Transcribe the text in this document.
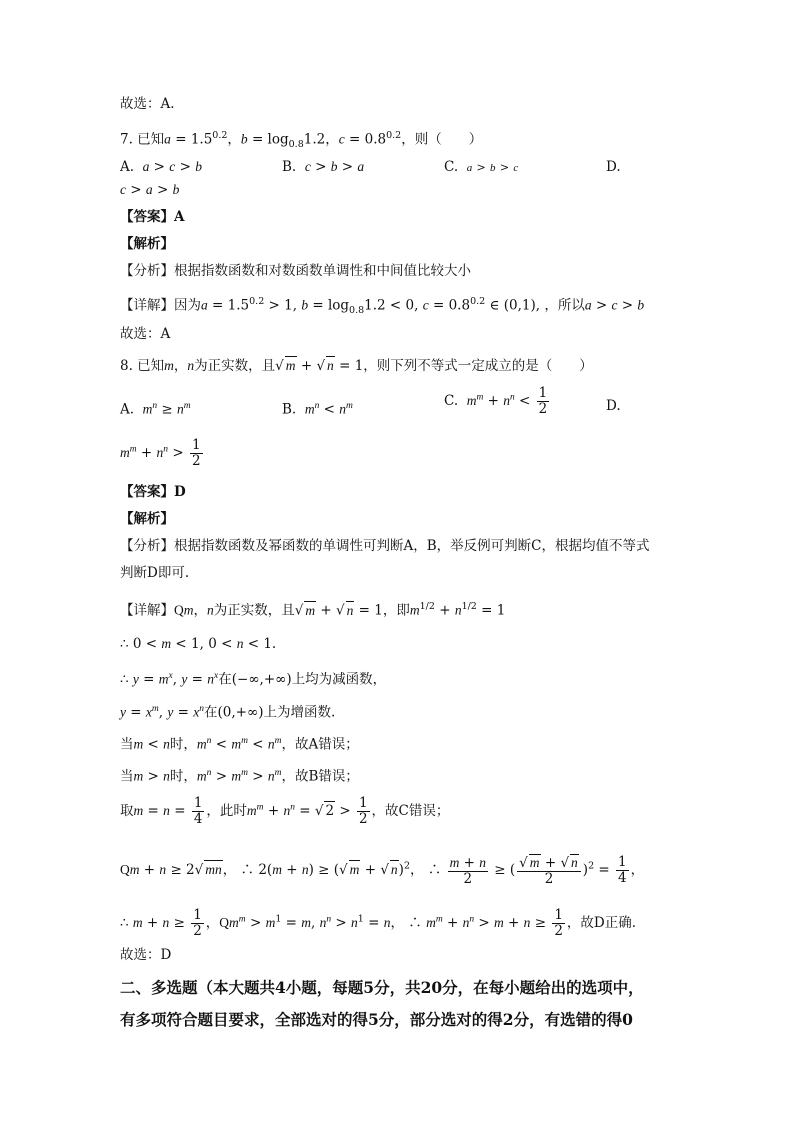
故选：A.
7. 已知$a = 1.5^{0.2}$，$b = \log_{0.8}1.2$，$c = 0.8^{0.2}$，则（　　）
A. a > c > b	B. c > b > a	C. a > b > c	D.
c > a > b
【答案】A
【解析】
【分析】根据指数函数和对数函数单调性和中间值比较大小
【详解】因为$a = 1.5^{0.2} > 1$, $b = \log_{0.8}1.2 < 0$, $c = 0.8^{0.2}$ ∈ (0,1), ，所以a > c > b
故选：A
8. 已知m，n为正实数，且√ m + √ n = 1，则下列不等式一定成立的是（　　）
A. $m^n \ge n^m$	B. $m^n < n^m$	C. $m^m + n^n < \frac{1}{2}$	D.
$m^m + n^n > \frac{1}{2}$
【答案】D
【解析】
【分析】根据指数函数及幂函数的单调性可判断A，B，举反例可判断C，根据均值不等式
判断D即可.
【详解】Qm，n为正实数，且√ m + √ n = 1，即$m^{1/2} + n^{1/2} = 1$
∴ 0 < m < 1, 0 < n < 1.
∴ $y = m^x$, $y = n^x$在(−∞,+∞)上均为减函数，
$y = x^m$, $y = x^n$在(0,+∞)上为增函数.
当m < n时，$m^n < m^m < n^m$，故A错误；
当m > n时，$m^n > m^m > n^m$，故B错误；
取$m = n = \frac{1}{4}$ ，此时$m^m + n^n$ = √ $2 > \frac{1}{2}$ ，故C错误；
Qm + n ≥ 2√ mn， ∴ 2(m + n) ≥ (√ m + √ n)$^2$， ∴ $\frac{m + n}{2}$ ≥ ( $\frac{√ m + √ n}{2} )^2 = \frac{1}{4}$ ，
∴ $m + n \ge \frac{1}{2}$ ，$Qm^m > m^1 = m$, $n^n > n^1 = n$， ∴ $m^m + n^n > m + n \ge \frac{1}{2}$ ，故D正确.
故选：D
二、多选题（本大题共4小题，每题5分，共20分，在每小题给出的选项中，
有多项符合题目要求，全部选对的得5分，部分选对的得2分，有选错的得0
